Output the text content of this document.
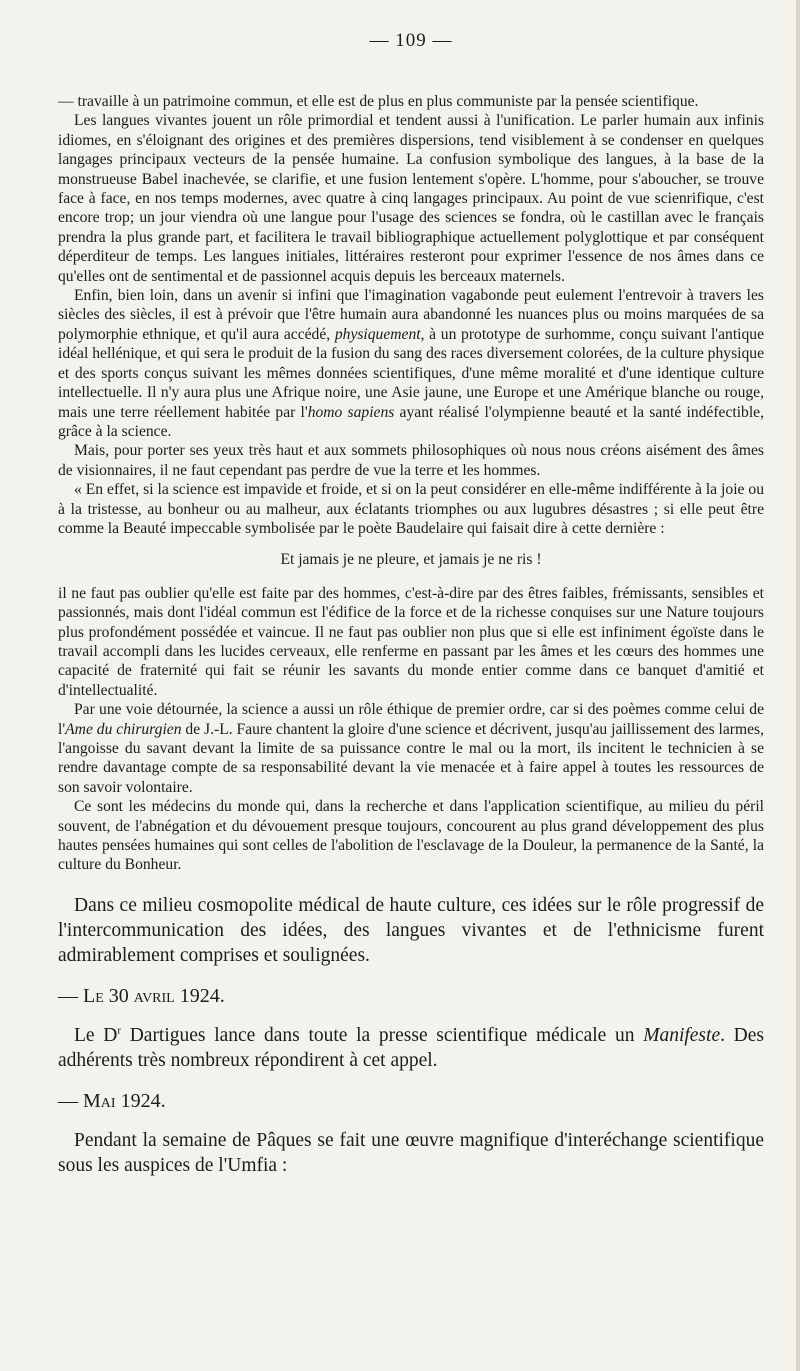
— 109 —

— travaille à un patrimoine commun, et elle est de plus en plus communiste par la pensée scientifique.

Les langues vivantes jouent un rôle primordial et tendent aussi à l'unification. Le parler humain aux infinis idiomes, en s'éloignant des origines et des premières dispersions, tend visiblement à se condenser en quelques langages principaux vecteurs de la pensée humaine. La confusion symbolique des langues, à la base de la monstrueuse Babel inachevée, se clarifie, et une fusion lentement s'opère. L'homme, pour s'aboucher, se trouve face à face, en nos temps modernes, avec quatre à cinq langages principaux. Au point de vue scienrifique, c'est encore trop; un jour viendra où une langue pour l'usage des sciences se fondra, où le castillan avec le français prendra la plus grande part, et facilitera le travail bibliographique actuellement polyglottique et par conséquent déperditeur de temps. Les langues initiales, littéraires resteront pour exprimer l'essence de nos âmes dans ce qu'elles ont de sentimental et de passionnel acquis depuis les berceaux maternels.

Enfin, bien loin, dans un avenir si infini que l'imagination vagabonde peut eulement l'entrevoir à travers les siècles des siècles, il est à prévoir que l'être humain aura abandonné les nuances plus ou moins marquées de sa polymorphie ethnique, et qu'il aura accédé, physiquement, à un prototype de surhomme, conçu suivant l'antique idéal hellénique, et qui sera le produit de la fusion du sang des races diversement colorées, de la culture physique et des sports conçus suivant les mêmes données scientifiques, d'une même moralité et d'une identique culture intellectuelle. Il n'y aura plus une Afrique noire, une Asie jaune, une Europe et une Amérique blanche ou rouge, mais une terre réellement habitée par l'homo sapiens ayant réalisé l'olympienne beauté et la santé indéfectible, grâce à la science.

Mais, pour porter ses yeux très haut et aux sommets philosophiques où nous nous créons aisément des âmes de visionnaires, il ne faut cependant pas perdre de vue la terre et les hommes.

« En effet, si la science est impavide et froide, et si on la peut considérer en elle-même indifférente à la joie ou à la tristesse, au bonheur ou au malheur, aux éclatants triomphes ou aux lugubres désastres ; si elle peut être comme la Beauté impeccable symbolisée par le poète Baudelaire qui faisait dire à cette dernière :

Et jamais je ne pleure, et jamais je ne ris !

il ne faut pas oublier qu'elle est faite par des hommes, c'est-à-dire par des êtres faibles, frémissants, sensibles et passionnés, mais dont l'idéal commun est l'édifice de la force et de la richesse conquises sur une Nature toujours plus profondément possédée et vaincue. Il ne faut pas oublier non plus que si elle est infiniment égoïste dans le travail accompli dans les lucides cerveaux, elle renferme en passant par les âmes et les cœurs des hommes une capacité de fraternité qui fait se réunir les savants du monde entier comme dans ce banquet d'amitié et d'intellectualité.

Par une voie détournée, la science a aussi un rôle éthique de premier ordre, car si des poèmes comme celui de l'Ame du chirurgien de J.-L. Faure chantent la gloire d'une science et décrivent, jusqu'au jaillissement des larmes, l'angoisse du savant devant la limite de sa puissance contre le mal ou la mort, ils incitent le technicien à se rendre davantage compte de sa responsabilité devant la vie menacée et à faire appel à toutes les ressources de son savoir volontaire.

Ce sont les médecins du monde qui, dans la recherche et dans l'application scientifique, au milieu du péril souvent, de l'abnégation et du dévouement presque toujours, concourent au plus grand développement des plus hautes pensées humaines qui sont celles de l'abolition de l'esclavage de la Douleur, la permanence de la Santé, la culture du Bonheur.

Dans ce milieu cosmopolite médical de haute culture, ces idées sur le rôle progressif de l'intercommunication des idées, des langues vivantes et de l'ethnicisme furent admirablement comprises et soulignées.

— Le 30 avril 1924.

Le $D^r$ Dartigues lance dans toute la presse scientifique médicale un Manifeste. Des adhérents très nombreux répondirent à cet appel.

— Mai 1924.

Pendant la semaine de Pâques se fait une œuvre magnifique d'interéchange scientifique sous les auspices de l'Umfia :
